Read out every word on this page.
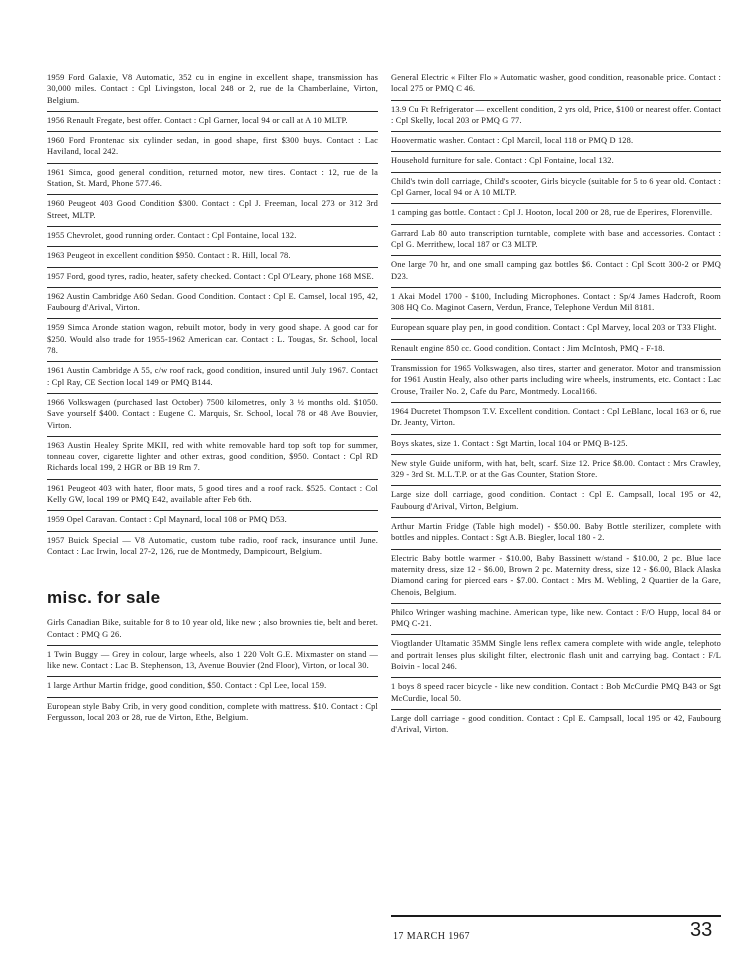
1959 Ford Galaxie, V8 Automatic, 352 cu in engine in excellent shape, transmission has 30,000 miles. Contact : Cpl Livingston, local 248 or 2, rue de la Chamberlaine, Virton, Belgium.
1956 Renault Fregate, best offer. Contact : Cpl Garner, local 94 or call at A 10 MLTP.
1960 Ford Frontenac six cylinder sedan, in good shape, first $300 buys. Contact : Lac Haviland, local 242.
1961 Simca, good general condition, returned motor, new tires. Contact : 12, rue de la Station, St. Mard, Phone 577.46.
1960 Peugeot 403 Good Condition $300. Contact : Cpl J. Freeman, local 273 or 312 3rd Street, MLTP.
1955 Chevrolet, good running order. Contact : Cpl Fontaine, local 132.
1963 Peugeot in excellent condition $950. Contact : R. Hill, local 78.
1957 Ford, good tyres, radio, heater, safety checked. Contact : Cpl O'Leary, phone 168 MSE.
1962 Austin Cambridge A60 Sedan. Good Condition. Contact : Cpl E. Camsel, local 195, 42, Faubourg d'Arival, Virton.
1959 Simca Aronde station wagon, rebuilt motor, body in very good shape. A good car for $250. Would also trade for 1955-1962 American car. Contact : L. Tougas, Sr. School, local 78.
1961 Austin Cambridge A 55, c/w roof rack, good condition, insured until July 1967. Contact : Cpl Ray, CE Section local 149 or PMQ B144.
1966 Volkswagen (purchased last October) 7500 kilometres, only 3 ½ months old. $1050. Save yourself $400. Contact : Eugene C. Marquis, Sr. School, local 78 or 48 Ave Bouvier, Virton.
1963 Austin Healey Sprite MKII, red with white removable hard top soft top for summer, tonneau cover, cigarette lighter and other extras, good condition, $950. Contact : Cpl RD Richards local 199, 2 HGR or BB 19 Rm 7.
1961 Peugeot 403 with hater, floor mats, 5 good tires and a roof rack. $525. Contact : Col Kelly GW, local 199 or PMQ E42, available after Feb 6th.
1959 Opel Caravan. Contact : Cpl Maynard, local 108 or PMQ D53.
1957 Buick Special — V8 Automatic, custom tube radio, roof rack, insurance until June. Contact : Lac Irwin, local 27-2, 126, rue de Montmedy, Dampicourt, Belgium.
misc. for sale
Girls Canadian Bike, suitable for 8 to 10 year old, like new ; also brownies tie, belt and beret. Contact : PMQ G 26.
1 Twin Buggy — Grey in colour, large wheels, also 1 220 Volt G.E. Mixmaster on stand — like new. Contact : Lac B. Stephenson, 13, Avenue Bouvier (2nd Floor), Virton, or local 30.
1 large Arthur Martin fridge, good condition, $50. Contact : Cpl Lee, local 159.
European style Baby Crib, in very good condition, complete with mattress. $10. Contact : Cpl Fergusson, local 203 or 28, rue de Virton, Ethe, Belgium.
General Electric « Filter Flo » Automatic washer, good condition, reasonable price. Contact : local 275 or PMQ C 46.
13.9 Cu Ft Refrigerator — excellent condition, 2 yrs old, Price, $100 or nearest offer. Contact : Cpl Skelly, local 203 or PMQ G 77.
Hoovermatic washer. Contact : Cpl Marcil, local 118 or PMQ D 128.
Household furniture for sale. Contact : Cpl Fontaine, local 132.
Child's twin doll carriage, Child's scooter, Girls bicycle (suitable for 5 to 6 year old. Contact : Cpl Garner, local 94 or A 10 MLTP.
1 camping gas bottle. Contact : Cpl J. Hooton, local 200 or 28, rue de Eperires, Florenville.
Garrard Lab 80 auto transcription turntable, complete with base and accessories. Contact : Cpl G. Merrithew, local 187 or C3 MLTP.
One large 70 hr, and one small camping gaz bottles $6. Contact : Cpl Scott 300-2 or PMQ D23.
1 Akai Model 1700 - $100, Including Microphones. Contact : Sp/4 James Hadcroft, Room 308 HQ Co. Maginot Casern, Verdun, France, Telephone Verdun Mil 8181.
European square play pen, in good condition. Contact : Cpl Marvey, local 203 or T33 Flight.
Renault engine 850 cc. Good condition. Contact : Jim McIntosh, PMQ - F-18.
Transmission for 1965 Volkswagen, also tires, starter and generator. Motor and transmission for 1961 Austin Healy, also other parts including wire wheels, instruments, etc. Contact : Lac Crouse, Trailer No. 2, Cafe du Parc, Montmedy. Local166.
1964 Ducretet Thompson T.V. Excellent condition. Contact : Cpl LeBlanc, local 163 or 6, rue Dr. Jeanty, Virton.
Boys skates, size 1. Contact : Sgt Martin, local 104 or PMQ B-125.
New style Guide uniform, with hat, belt, scarf. Size 12. Price $8.00. Contact : Mrs Crawley, 329 - 3rd St. M.L.T.P. or at the Gas Counter, Station Store.
Large size doll carriage, good condition. Contact : Cpl E. Campsall, local 195 or 42, Faubourg d'Arival, Virton, Belgium.
Arthur Martin Fridge (Table high model) - $50.00. Baby Bottle sterilizer, complete with bottles and nipples. Contact : Sgt A.B. Biegler, local 180 - 2.
Electric Baby bottle warmer - $10.00, Baby Bassinett w/stand - $10.00, 2 pc. Blue lace maternity dress, size 12 - $6.00, Brown 2 pc. Maternity dress, size 12 - $6.00, Black Alaska Diamond caring for pierced ears - $7.00. Contact : Mrs M. Webling, 2 Quartier de la Gare, Chenois, Belgium.
Philco Wringer washing machine. American type, like new. Contact : F/O Hupp, local 84 or PMQ C-21.
Viogtlander Ultamatic 35MM Single lens reflex camera complete with wide angle, telephoto and portrait lenses plus skilight filter, electronic flash unit and carrying bag. Contact : F/L Boivin - local 246.
1 boys 8 speed racer bicycle - like new condition. Contact : Bob McCurdie PMQ B43 or Sgt McCurdie, local 50.
Large doll carriage - good condition. Contact : Cpl E. Campsall, local 195 or 42, Faubourg d'Arival, Virton.
17 MARCH 1967	33
